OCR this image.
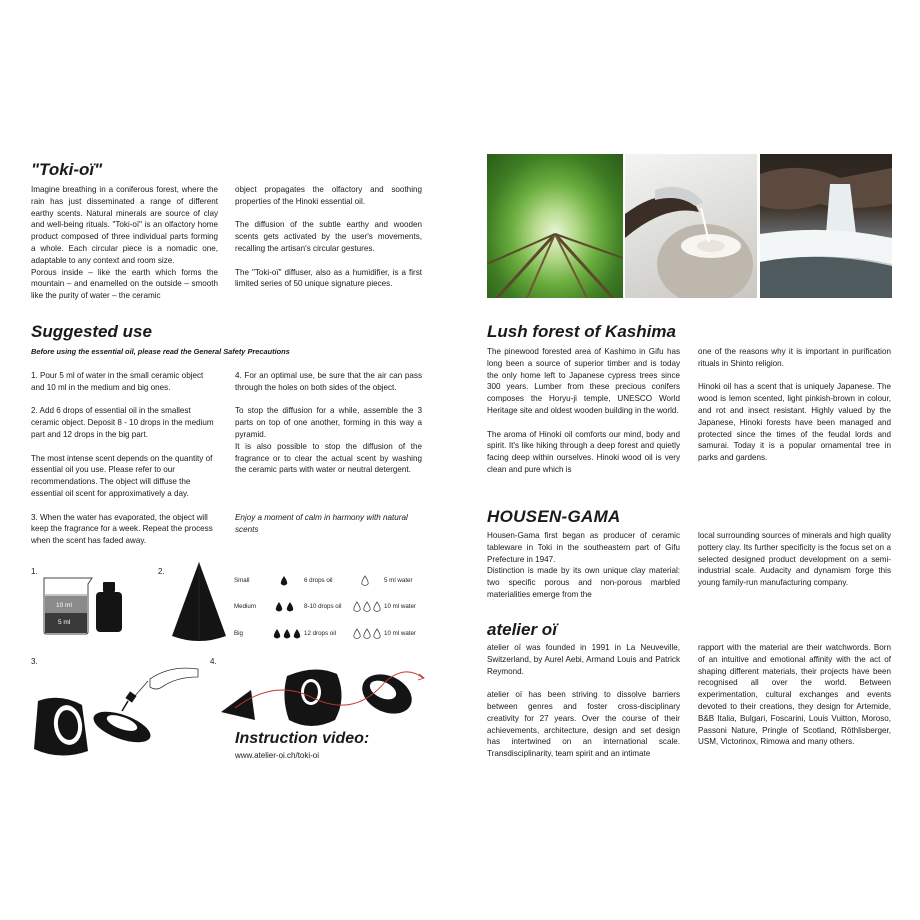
"Toki-oï"

Imagine breathing in a coniferous forest, where the rain has just disseminated a range of different earthy scents. Natural minerals are source of clay and well-being rituals. "Toki-oï" is an olfactory home product composed of three individual parts forming a whole. Each circular piece is a nomadic one, adaptable to any context and room size.
Porous inside – like the earth which forms the mountain – and enamelled on the outside – smooth like the purity of water – the ceramic

object propagates the olfactory and soothing properties of the Hinoki essential oil.

The diffusion of the subtle earthy and wooden scents gets activated by the user's movements, recalling the artisan's circular gestures.

The "Toki-oï" diffuser, also as a humidifier, is a first limited series of 50 unique signature pieces.

Suggested use

Before using the essential oil, please read the General Safety Precautions

1. Pour 5 ml of water in the small ceramic object and 10 ml in the medium and big ones.

2. Add 6 drops of essential oil in the smallest ceramic object. Deposit 8 - 10 drops in the medium part and 12 drops in the big part.

The most intense scent depends on the quantity of essential oil you use. Please refer to our recommendations. The object will diffuse the essential oil scent for approximatively a day.

3. When the water has evaporated, the object will keep the fragrance for a week. Repeat the process when the scent has faded away.

4. For an optimal use, be sure that the air can pass through the holes on both sides of the object.

To stop the diffusion for a while, assemble the 3 parts on top of one another, forming in this way a pyramid.
It is also possible to stop the diffusion of the fragrance or to clear the actual scent by washing the ceramic parts with water or neutral detergent.

Enjoy a moment of calm in harmony with natural scents

1.
10 ml
5 ml
2.
Small	6 drops oil	5 ml water
Medium	8-10 drops oil	10 ml water
Big	12 drops oil	10 ml water
3.	4.
Instruction video:
www.atelier-oi.ch/toki-oi
Lush forest of Kashima

The pinewood forested area of Kashimo in Gifu has long been a source of superior timber and is today the only home left to Japanese cypress trees since 300 years. Lumber from these precious conifers composes the Horyu-ji temple, UNESCO World Heritage site and oldest wooden building in the world.

The aroma of Hinoki oil comforts our mind, body and spirit. It's like hiking through a deep forest and quietly facing deep within ourselves. Hinoki wood oil is very clean and pure which is

one of the reasons why it is important in purification rituals in Shinto religion.

Hinoki oil has a scent that is uniquely Japanese. The wood is lemon scented, light pinkish-brown in colour, and rot and insect resistant. Highly valued by the Japanese, Hinoki forests have been managed and protected since the times of the feudal lords and samurai. Today it is a popular ornamental tree in parks and gardens.

HOUSEN-GAMA

Housen-Gama first began as producer of ceramic tableware in Toki in the southeastern part of Gifu Prefecture in 1947.
Distinction is made by its own unique clay material: two specific porous and non-porous marbled materialities emerge from the

local surrounding sources of minerals and high quality pottery clay. Its further specificity is the focus set on a selected designed product development on a semi-industrial scale. Audacity and dynamism forge this young family-run manufacturing company.

atelier oï

atelier oï was founded in 1991 in La Neuveville, Switzerland, by Aurel Aebi, Armand Louis and Patrick Reymond.

atelier oï has been striving to dissolve barriers between genres and foster cross-disciplinary creativity for 27 years. Over the course of their achievements, architecture, design and set design has intertwined on an international scale. Transdisciplinarity, team spirit and an intimate

rapport with the material are their watchwords. Born of an intuitive and emotional affinity with the act of shaping different materials, their projects have been recognised all over the world. Between experimentation, cultural exchanges and events devoted to their creations, they design for Artemide, B&B Italia, Bulgari, Foscarini, Louis Vuitton, Moroso, Passoni Nature, Pringle of Scotland, Röthlisberger, USM, Victorinox, Rimowa and many others.
